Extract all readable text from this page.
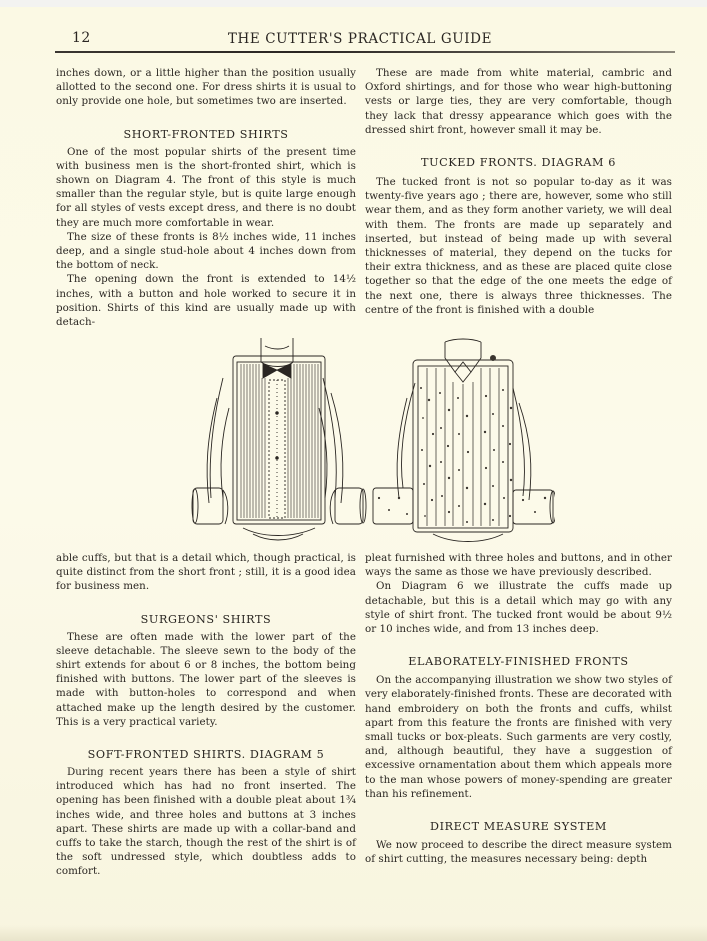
12	THE CUTTER'S PRACTICAL GUIDE

inches down, or a little higher than the position usually allotted to the second one. For dress shirts it is usual to only provide one hole, but sometimes two are inserted.

SHORT-FRONTED SHIRTS

One of the most popular shirts of the present time with business men is the short-fronted shirt, which is shown on Diagram 4. The front of this style is much smaller than the regular style, but is quite large enough for all styles of vests except dress, and there is no doubt they are much more comfortable in wear.

The size of these fronts is 8½ inches wide, 11 inches deep, and a single stud-hole about 4 inches down from the bottom of neck.

The opening down the front is extended to 14½ inches, with a button and hole worked to secure it in position. Shirts of this kind are usually made up with detach-

These are made from white material, cambric and Oxford shirtings, and for those who wear high-buttoning vests or large ties, they are very comfortable, though they lack that dressy appearance which goes with the dressed shirt front, however small it may be.

TUCKED FRONTS. DIAGRAM 6

The tucked front is not so popular to-day as it was twenty-five years ago ; there are, however, some who still wear them, and as they form another variety, we will deal with them. The fronts are made up separately and inserted, but instead of being made up with several thicknesses of material, they depend on the tucks for their extra thickness, and as these are placed quite close together so that the edge of the one meets the edge of the next one, there is always three thicknesses. The centre of the front is finished with a double

able cuffs, but that is a detail which, though practical, is quite distinct from the short front ; still, it is a good idea for business men.

SURGEONS' SHIRTS

These are often made with the lower part of the sleeve detachable. The sleeve sewn to the body of the shirt extends for about 6 or 8 inches, the bottom being finished with buttons. The lower part of the sleeves is made with button-holes to correspond and when attached make up the length desired by the customer. This is a very practical variety.

SOFT-FRONTED SHIRTS. DIAGRAM 5

During recent years there has been a style of shirt introduced which has had no front inserted. The opening has been finished with a double pleat about 1¾ inches wide, and three holes and buttons at 3 inches apart. These shirts are made up with a collar-band and cuffs to take the starch, though the rest of the shirt is of the soft undressed style, which doubtless adds to comfort.

pleat furnished with three holes and buttons, and in other ways the same as those we have previously described.

On Diagram 6 we illustrate the cuffs made up detachable, but this is a detail which may go with any style of shirt front. The tucked front would be about 9½ or 10 inches wide, and from 13 inches deep.

ELABORATELY-FINISHED FRONTS

On the accompanying illustration we show two styles of very elaborately-finished fronts. These are decorated with hand embroidery on both the fronts and cuffs, whilst apart from this feature the fronts are finished with very small tucks or box-pleats. Such garments are very costly, and, although beautiful, they have a suggestion of excessive ornamentation about them which appeals more to the man whose powers of money-spending are greater than his refinement.

DIRECT MEASURE SYSTEM

We now proceed to describe the direct measure system of shirt cutting, the measures necessary being: depth
